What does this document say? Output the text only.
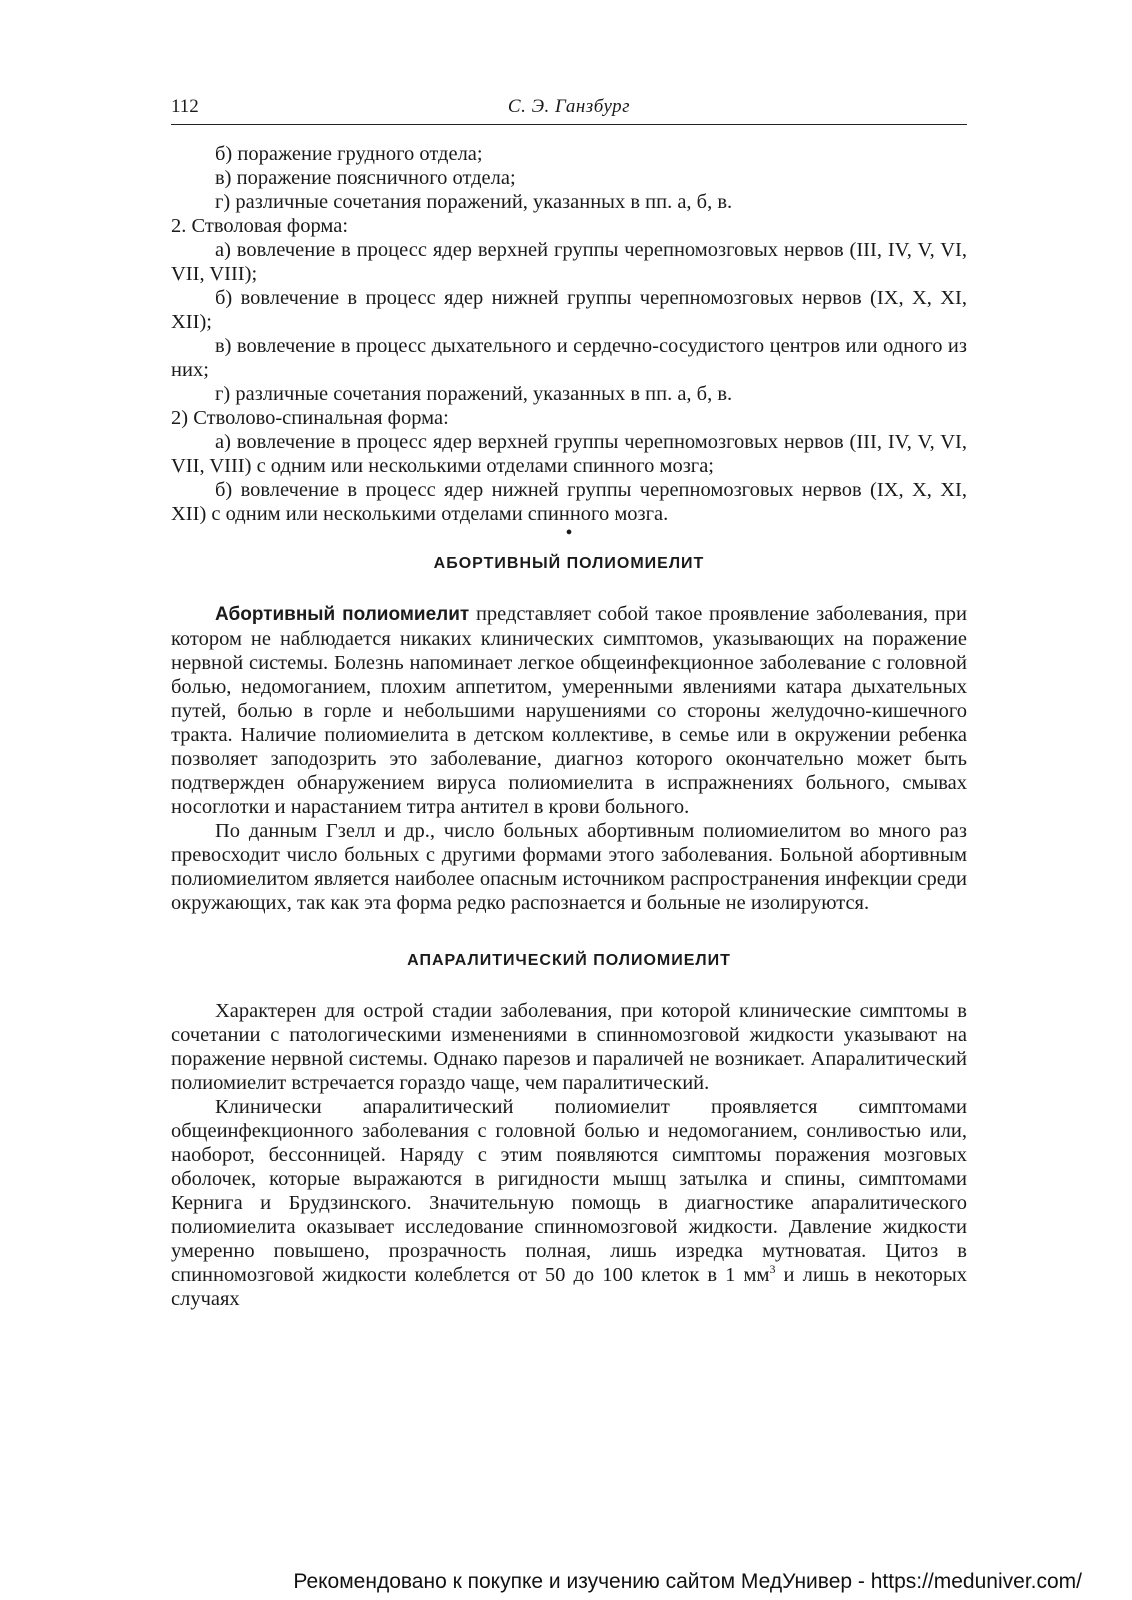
112	С. Э. Ганзбург

б) поражение грудного отдела;

в) поражение поясничного отдела;

г) различные сочетания поражений, указанных в пп. а, б, в.

2. Стволовая форма:

а) вовлечение в процесс ядер верхней группы черепномозговых нервов (III, IV, V, VI, VII, VIII);

б) вовлечение в процесс ядер нижней группы черепномозговых нервов (IX, X, XI, XII);

в) вовлечение в процесс дыхательного и сердечно-сосудистого центров или одного из них;

г) различные сочетания поражений, указанных в пп. а, б, в.

2) Стволово-спинальная форма:

а) вовлечение в процесс ядер верхней группы черепномозговых нервов (III, IV, V, VI, VII, VIII) с одним или несколькими отделами спинного мозга;

б) вовлечение в процесс ядер нижней группы черепномозговых нервов (IX, X, XI, XII) с одним или несколькими отделами спинного мозга.

•

АБОРТИВНЫЙ ПОЛИОМИЕЛИТ

Абортивный полиомиелит представляет собой такое проявление заболевания, при котором не наблюдается никаких клинических симптомов, указывающих на поражение нервной системы. Болезнь напоминает легкое общеинфекционное заболевание с головной болью, недомоганием, плохим аппетитом, умеренными явлениями катара дыхательных путей, болью в горле и небольшими нарушениями со стороны желудочно-кишечного тракта. Наличие полиомиелита в детском коллективе, в семье или в окружении ребенка позволяет заподозрить это заболевание, диагноз которого окончательно может быть подтвержден обнаружением вируса полиомиелита в испражнениях больного, смывах носоглотки и нарастанием титра антител в крови больного.

По данным Гзелл и др., число больных абортивным полиомиелитом во много раз превосходит число больных с другими формами этого заболевания. Больной абортивным полиомиелитом является наиболее опасным источником распространения инфекции среди окружающих, так как эта форма редко распознается и больные не изолируются.

АПАРАЛИТИЧЕСКИЙ ПОЛИОМИЕЛИТ

Характерен для острой стадии заболевания, при которой клинические симптомы в сочетании с патологическими изменениями в спинномозговой жидкости указывают на поражение нервной системы. Однако парезов и параличей не возникает. Апаралитический полиомиелит встречается гораздо чаще, чем паралитический.

Клинически апаралитический полиомиелит проявляется симптомами общеинфекционного заболевания с головной болью и недомоганием, сонливостью или, наоборот, бессонницей. Наряду с этим появляются симптомы поражения мозговых оболочек, которые выражаются в ригидности мышц затылка и спины, симптомами Кернига и Брудзинского. Значительную помощь в диагностике апаралитического полиомиелита оказывает исследование спинномозговой жидкости. Давление жидкости умеренно повышено, прозрачность полная, лишь изредка мутноватая. Цитоз в спинномозговой жидкости колеблется от 50 до 100 клеток в 1 $мм^3$ и лишь в некоторых случаях

Рекомендовано к покупке и изучению сайтом МедУнивер - https://meduniver.com/
